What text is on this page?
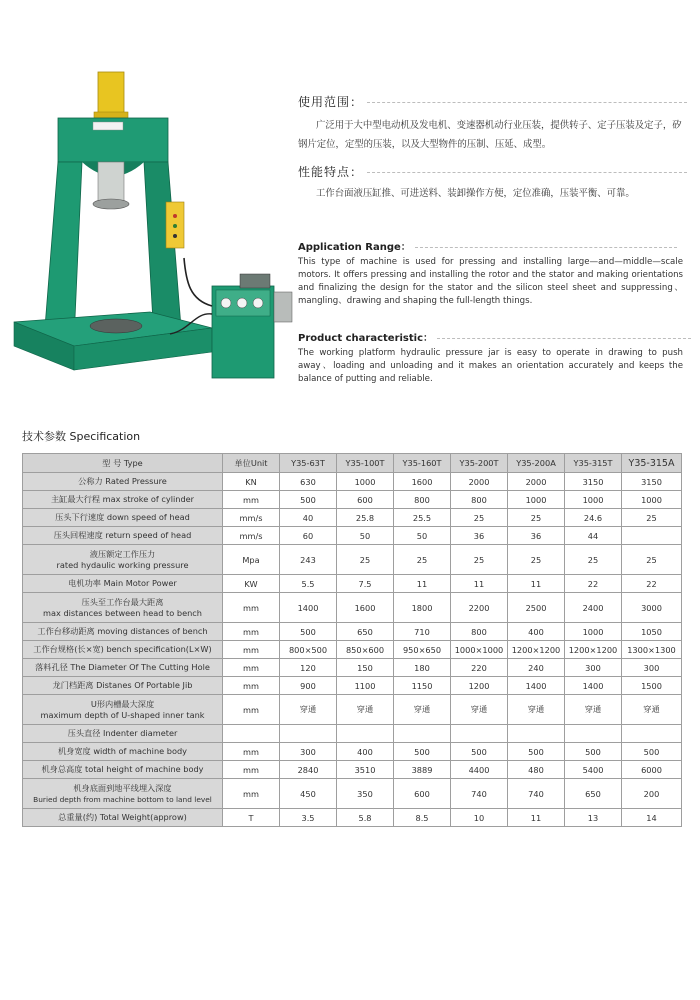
使用范围：
广泛用于大中型电动机及发电机、变速器机动行业压装，提供转子、定子压装及定子，矽钢片定位，定型的压装，以及大型物件的压制、压延、成型。
性能特点：
工作台面液压缸推、可进送料、装卸操作方便，定位准确，压装平衡、可靠。
Application Range：
This type of machine is used for pressing and installing large—and—middle—scale motors. It offers pressing and installing the rotor and the stator and making orientations and finalizing the design for the stator and the silicon steel sheet and suppressing、mangling、drawing and shaping the full-length things.
Product characteristic：
The working platform hydraulic pressure jar is easy to operate in drawing to push away、loading and unloading and it makes an orientation accurately and keeps the balance of putting and reliable.
技术参数 Specification
型 号 Type	单位Unit	Y35-63T	Y35-100T	Y35-160T	Y35-200T	Y35-200A	Y35-315T	Y35-315A

公称力 Rated Pressure	KN	630	1000	1600	2000	2000	3150	3150

主缸最大行程 max stroke of cylinder	mm	500	600	800	800	1000	1000	1000

压头下行速度 down speed of head	mm/s	40	25.8	25.5	25	25	24.6	25

压头回程速度 return speed of head	mm/s	60	50	50	36	36	44	

液压额定工作压力
rated hydaulic working pressure	Mpa	243	25	25	25	25	25	25

电机功率 Main Motor Power	KW	5.5	7.5	11	11	11	22	22

压头至工作台最大距离
max distances between head to bench	mm	1400	1600	1800	2200	2500	2400	3000

工作台移动距离 moving distances of bench	mm	500	650	710	800	400	1000	1050

工作台规格(长×宽) bench specification(L×W)	mm	800×500	850×600	950×650	1000×1000	1200×1200	1200×1200	1300×1300

落料孔径 The Diameter Of The Cutting Hole	mm	120	150	180	220	240	300	300

龙门档距离 Distanes Of Portable Jib	mm	900	1100	1150	1200	1400	1400	1500

U形内槽最大深度
maximum depth of U-shaped inner tank	mm	穿通	穿通	穿通	穿通	穿通	穿通	穿通

压头直径 Indenter diameter								

机身宽度 width of machine body	mm	300	400	500	500	500	500	500

机身总高度 total height of machine body	mm	2840	3510	3889	4400	480	5400	6000

机身底面到地平线埋入深度
Buried depth from machine bottom to land level	mm	450	350	600	740	740	650	200

总重量(约) Total Weight(approw)	T	3.5	5.8	8.5	10	11	13	14
